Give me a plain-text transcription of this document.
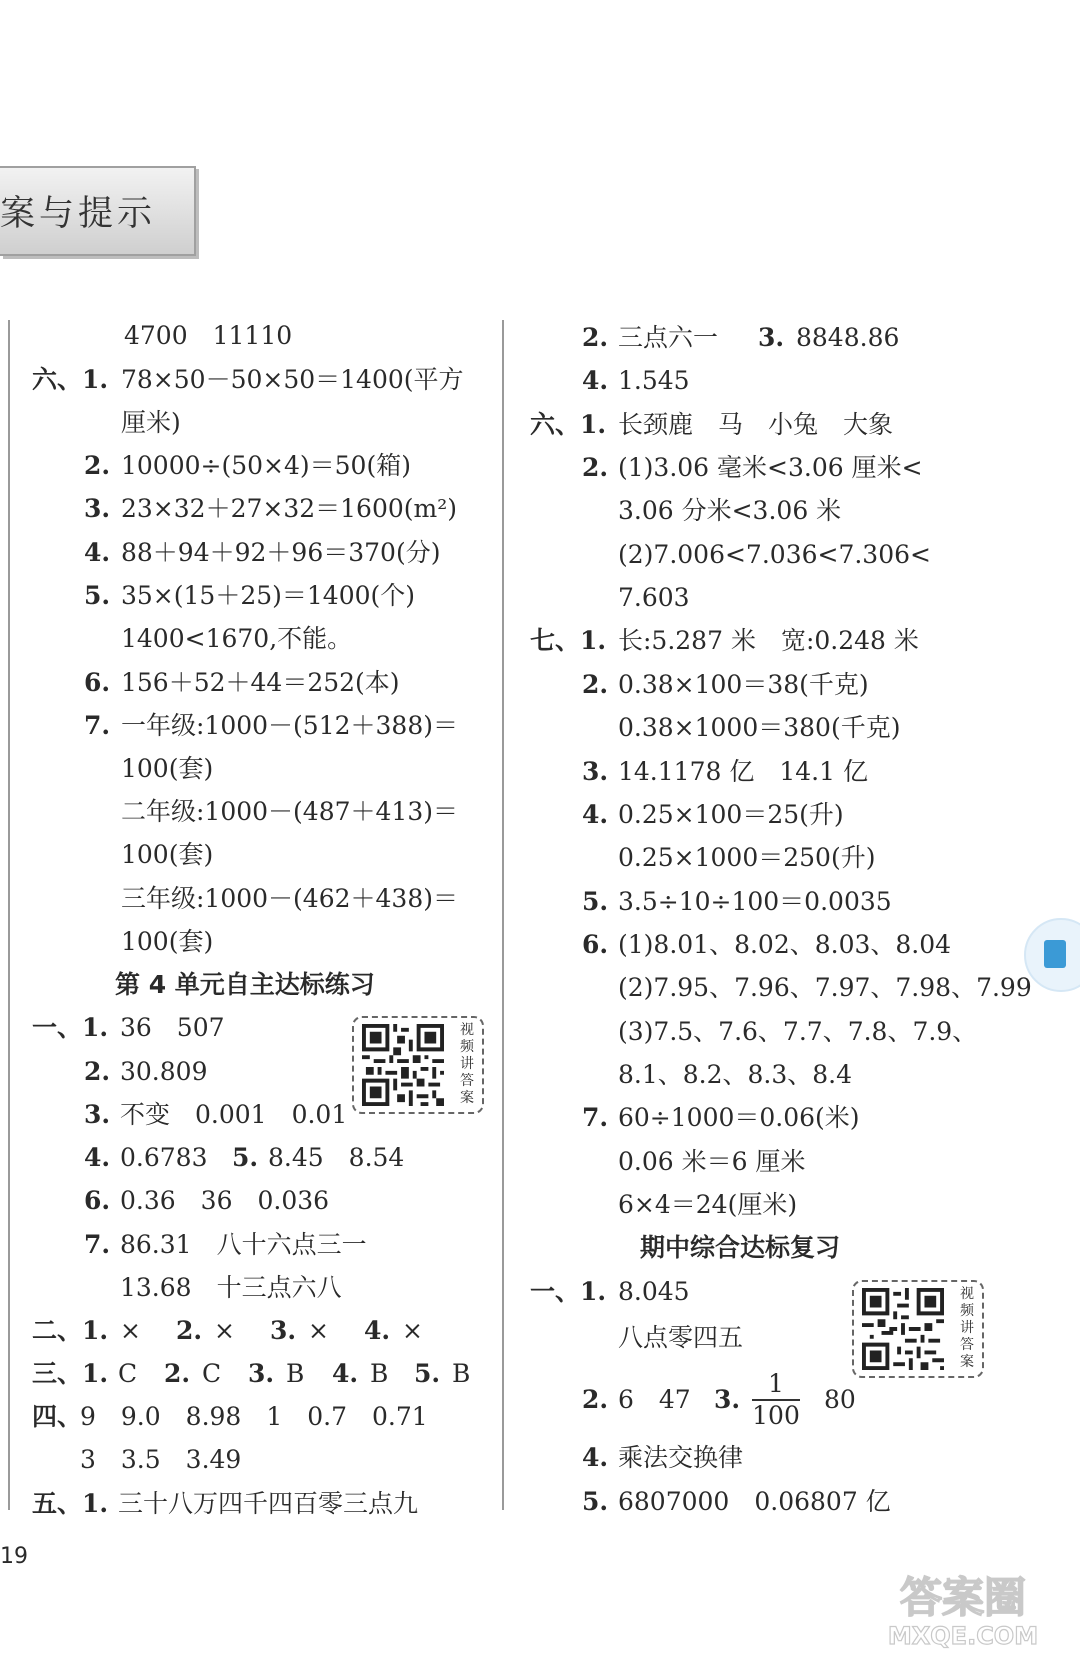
案与提示
4700　11110
六、1. 78×50－50×50＝1400(平方
厘米)
2. 10000÷(50×4)＝50(箱)
3. 23×32＋27×32＝1600(m²)
4. 88＋94＋92＋96＝370(分)
5. 35×(15＋25)＝1400(个)
1400<1670,不能。
6. 156＋52＋44＝252(本)
7. 一年级:1000－(512＋388)＝
100(套)
二年级:1000－(487＋413)＝
100(套)
三年级:1000－(462＋438)＝
100(套)
第 4 单元自主达标练习
一、1. 36　507	视频讲答案
2. 30.809
3. 不变　0.001　0.01
4. 0.6783 5. 8.45　8.54
6. 0.36　36　0.036
7. 86.31　八十六点三一
13.68　十三点六八
二、1. × 2. × 3. × 4. ×
三、1. C 2. C 3. B 4. B 5. B
四、
9　9.0　8.98　1　0.7　0.71
3　3.5　3.49
五、1. 三十八万四千四百零三点九
2. 三点六一 3. 8848.86
4. 1.545
六、1. 长颈鹿　马　小兔　大象
2. (1)3.06 毫米<3.06 厘米<
3.06 分米<3.06 米
(2)7.006<7.036<7.306<
7.603
七、1. 长:5.287 米　宽:0.248 米
2. 0.38×100＝38(千克)
0.38×1000＝380(千克)
3. 14.1178 亿　14.1 亿
4. 0.25×100＝25(升)
0.25×1000＝250(升)
5. 3.5÷10÷100＝0.0035
6. (1)8.01、8.02、8.03、8.04
(2)7.95、7.96、7.97、7.98、7.99
(3)7.5、7.6、7.7、7.8、7.9、
8.1、8.2、8.3、8.4
7. 60÷1000＝0.06(米)
0.06 米＝6 厘米
6×4＝24(厘米)
期中综合达标复习
一、1. 8.045
八点零四五
视频讲答案
2. 6　47 3.
1
100
80
4. 乘法交换律
5. 6807000　0.06807 亿
19
答案圈
MXQE.COM
